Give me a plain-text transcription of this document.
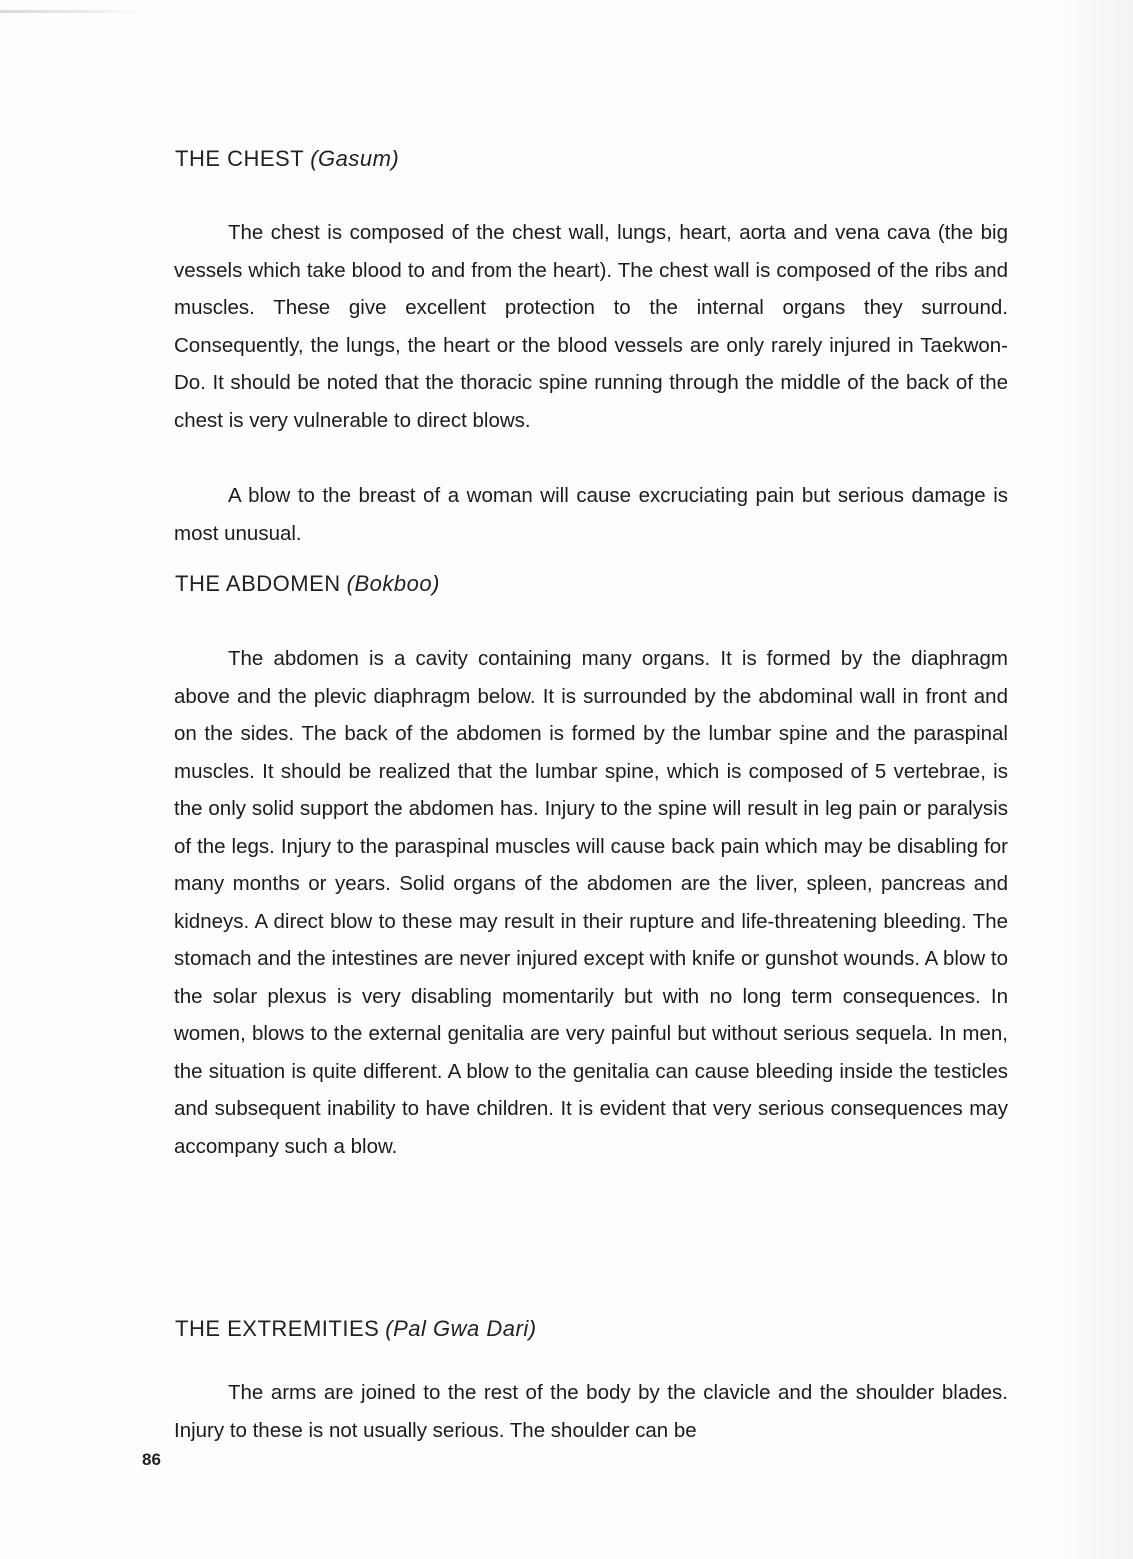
THE CHEST (Gasum)

The chest is composed of the chest wall, lungs, heart, aorta and vena cava (the big vessels which take blood to and from the heart). The chest wall is composed of the ribs and muscles. These give excellent protection to the internal organs they surround. Consequently, the lungs, the heart or the blood vessels are only rarely injured in Taekwon-Do. It should be noted that the thoracic spine running through the middle of the back of the chest is very vulnerable to direct blows.

A blow to the breast of a woman will cause excruciating pain but serious damage is most unusual.

THE ABDOMEN (Bokboo)

The abdomen is a cavity containing many organs. It is formed by the diaphragm above and the plevic diaphragm below. It is surrounded by the abdominal wall in front and on the sides. The back of the abdomen is formed by the lumbar spine and the paraspinal muscles. It should be realized that the lumbar spine, which is composed of 5 vertebrae, is the only solid support the abdomen has. Injury to the spine will result in leg pain or paralysis of the legs. Injury to the paraspinal muscles will cause back pain which may be disabling for many months or years. Solid organs of the abdomen are the liver, spleen, pancreas and kidneys. A direct blow to these may result in their rupture and life-threatening bleeding. The stomach and the intestines are never injured except with knife or gunshot wounds. A blow to the solar plexus is very disabling momentarily but with no long term consequences. In women, blows to the external genitalia are very painful but without serious sequela. In men, the situation is quite different. A blow to the genitalia can cause bleeding inside the testicles and subsequent inability to have children. It is evident that very serious consequences may accompany such a blow.

THE EXTREMITIES (Pal Gwa Dari)

The arms are joined to the rest of the body by the clavicle and the shoulder blades. Injury to these is not usually serious. The shoulder can be

86
